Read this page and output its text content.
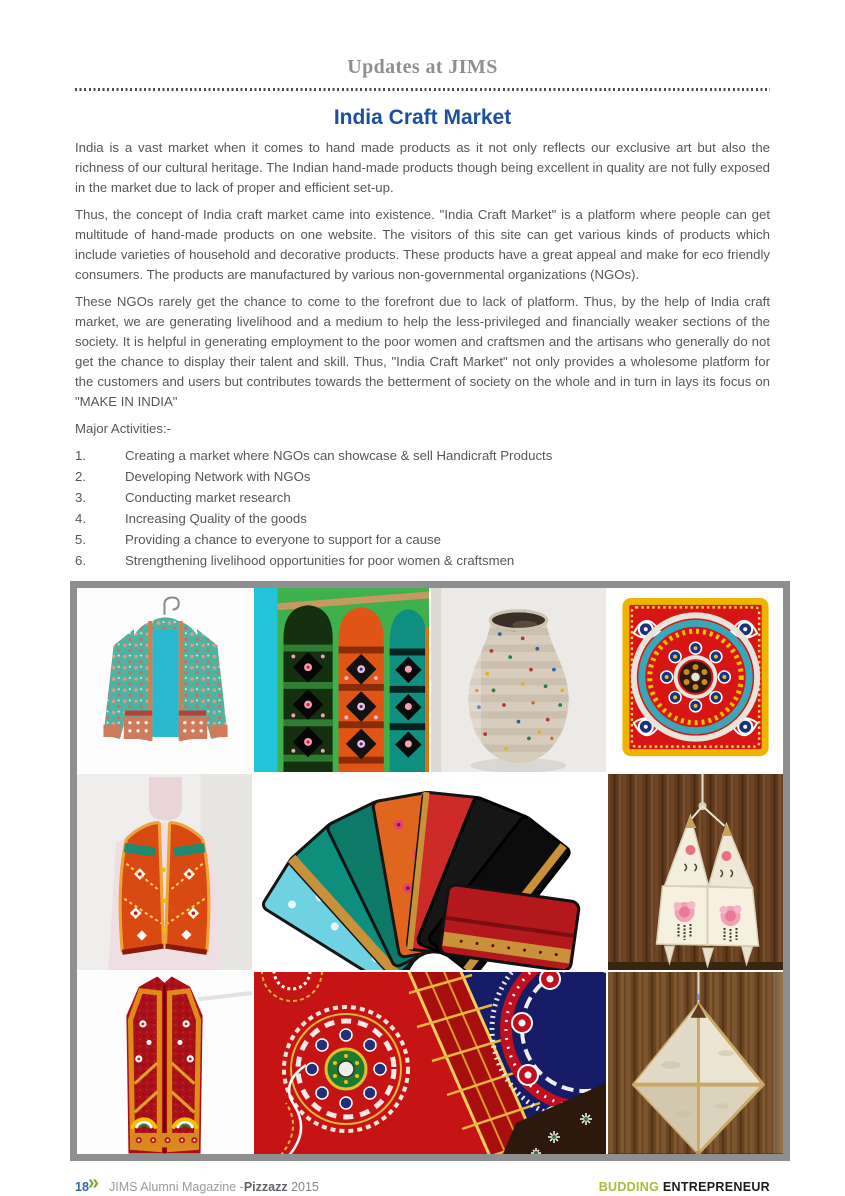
Updates at JIMS
India Craft Market

India is a vast market when it comes to hand made products as it not only reflects our exclusive art but also the richness of our cultural heritage. The Indian hand-made products though being excellent in quality are not fully exposed in the market due to lack of proper and efficient set-up.

Thus, the concept of India craft market came into existence. "India Craft Market" is a platform where people can get multitude of hand-made products on one website. The visitors of this site can get various kinds of products which include varieties of household and decorative products. These products have a great appeal and make for eco friendly consumers. The products are manufactured by various non-governmental organizations (NGOs).

These NGOs rarely get the chance to come to the forefront due to lack of platform. Thus, by the help of India craft market, we are generating livelihood and a medium to help the less-privileged and financially weaker sections of the society. It is helpful in generating employment to the poor women and craftsmen and the artisans who generally do not get the chance to display their talent and skill. Thus, "India Craft Market" not only provides a wholesome platform for the customers and users but contributes towards the betterment of society on the whole and in turn in lays its focus on "MAKE IN INDIA"

Major Activities:-
1.	Creating a market where NGOs can showcase & sell Handicraft Products
2.	Developing Network with NGOs
3.	Conducting market research
4.	Increasing Quality of the goods
5.	Providing a chance to everyone to support for a cause
6.	Strengthening livelihood opportunities for poor women & craftsmen
18 » JIMS Alumni Magazine -Pizzazz 2015	BUDDING ENTREPRENEUR
